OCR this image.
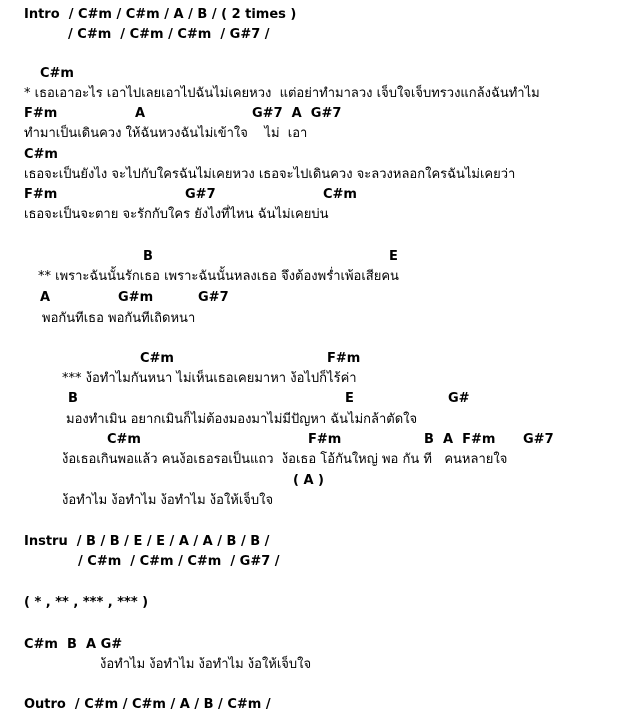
Intro  / C#m / C#m / A / B / ( 2 times )
/ C#m  / C#m / C#m  / G#7 /
C#m
* เธอเอาอะไร เอาไปเลยเอาไปฉันไม่เคยหวง  แต่อย่าทำมาลวง เจ็บใจเจ็บทรวงแกล้งฉันทำไม
F#m	A	G#7  A  G#7
ทำมาเป็นเดินควง ให้ฉันหวงฉันไม่เข้าใจ    ไม่  เอา
C#m
เธอจะเป็นยังไง จะไปกับใครฉันไม่เคยหวง เธอจะไปเดินควง จะลวงหลอกใครฉันไม่เคยว่า
F#m	G#7	C#m
เธอจะเป็นจะตาย จะรักกับใคร ยังไงที่ไหน ฉันไม่เคยบ่น
B	E
** เพราะฉันนั้นรักเธอ เพราะฉันนั้นหลงเธอ จึงต้องพร่ำเพ้อเสียคน
A	G#m	G#7
พอกันทีเธอ พอกันทีเถิดหนา
C#m	F#m
*** ง้อทำไมกันหนา ไม่เห็นเธอเคยมาหา ง้อไปก็ไร้ค่า
B	E	G#
มองทำเมิน อยากเมินก็ไม่ต้องมองมาไม่มีปัญหา ฉันไม่กล้าตัดใจ
C#m	F#m	B  A  F#m G#7
ง้อเธอเกินพอแล้ว คนง้อเธอรอเป็นแถว  ง้อเธอ โอ้กันใหญ่ พอ กัน ที   คนหลายใจ
( A )
ง้อทำไม ง้อทำไม ง้อทำไม ง้อให้เจ็บใจ
Instru  / B / B / E / E / A / A / B / B /
/ C#m  / C#m / C#m  / G#7 /
( * , ** , *** , *** )
C#m  B  A G#
ง้อทำไม ง้อทำไม ง้อทำไม ง้อให้เจ็บใจ
Outro  / C#m / C#m / A / B / C#m /
